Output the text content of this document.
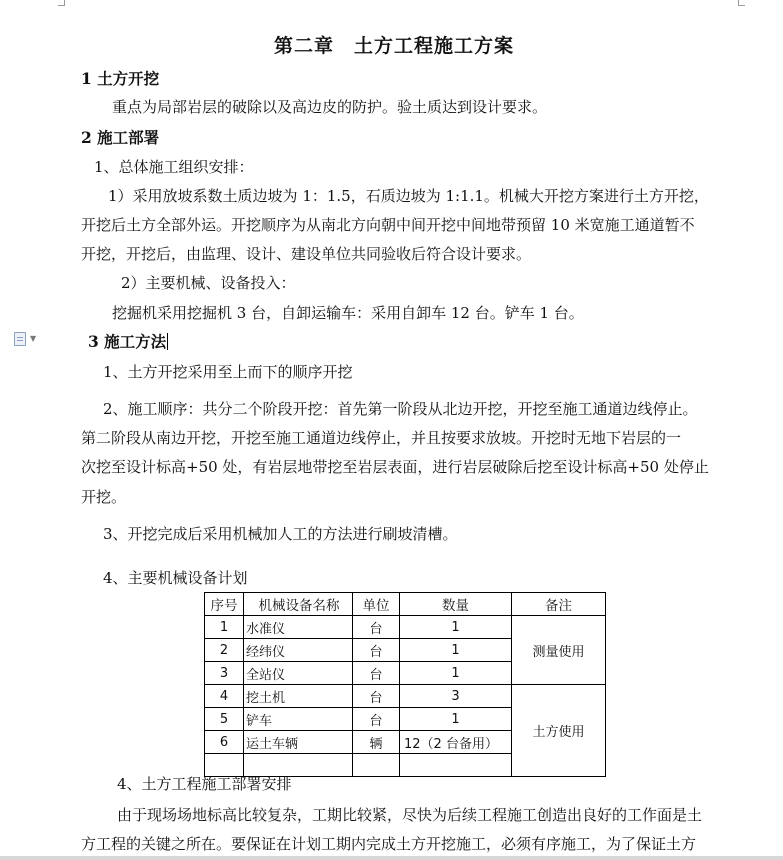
▼
第二章　土方工程施工方案
1 土方开挖
重点为局部岩层的破除以及高边皮的防护。验土质达到设计要求。
2 施工部署
1、总体施工组织安排：
1）采用放坡系数土质边坡为 1：1.5，石质边坡为 1:1.1。机械大开挖方案进行土方开挖，
开挖后土方全部外运。开挖顺序为从南北方向朝中间开挖中间地带预留 10 米宽施工通道暂不
开挖，开挖后，由监理、设计、建设单位共同验收后符合设计要求。
2）主要机械、设备投入：
挖掘机采用挖掘机 3 台，自卸运输车：采用自卸车 12 台。铲车 1 台。
3 施工方法
1、土方开挖采用至上而下的顺序开挖
2、施工顺序：共分二个阶段开挖：首先第一阶段从北边开挖，开挖至施工通道边线停止。
第二阶段从南边开挖，开挖至施工通道边线停止，并且按要求放坡。开挖时无地下岩层的一
次挖至设计标高+50 处，有岩层地带挖至岩层表面，进行岩层破除后挖至设计标高+50 处停止
开挖。
3、开挖完成后采用机械加人工的方法进行刷坡清槽。
4、主要机械设备计划
序号	机械设备名称	单位	数量	备注
1	水准仪	台	1	测量使用
2	经纬仪	台	1	
3	全站仪	台	1	
4	挖土机	台	3	土方使用
5	铲车	台	1	
6	运土车辆	辆	12（2 台备用）	

4、土方工程施工部署安排
由于现场场地标高比较复杂，工期比较紧，尽快为后续工程施工创造出良好的工作面是土
方工程的关键之所在。要保证在计划工期内完成土方开挖施工，必须有序施工，为了保证土方
